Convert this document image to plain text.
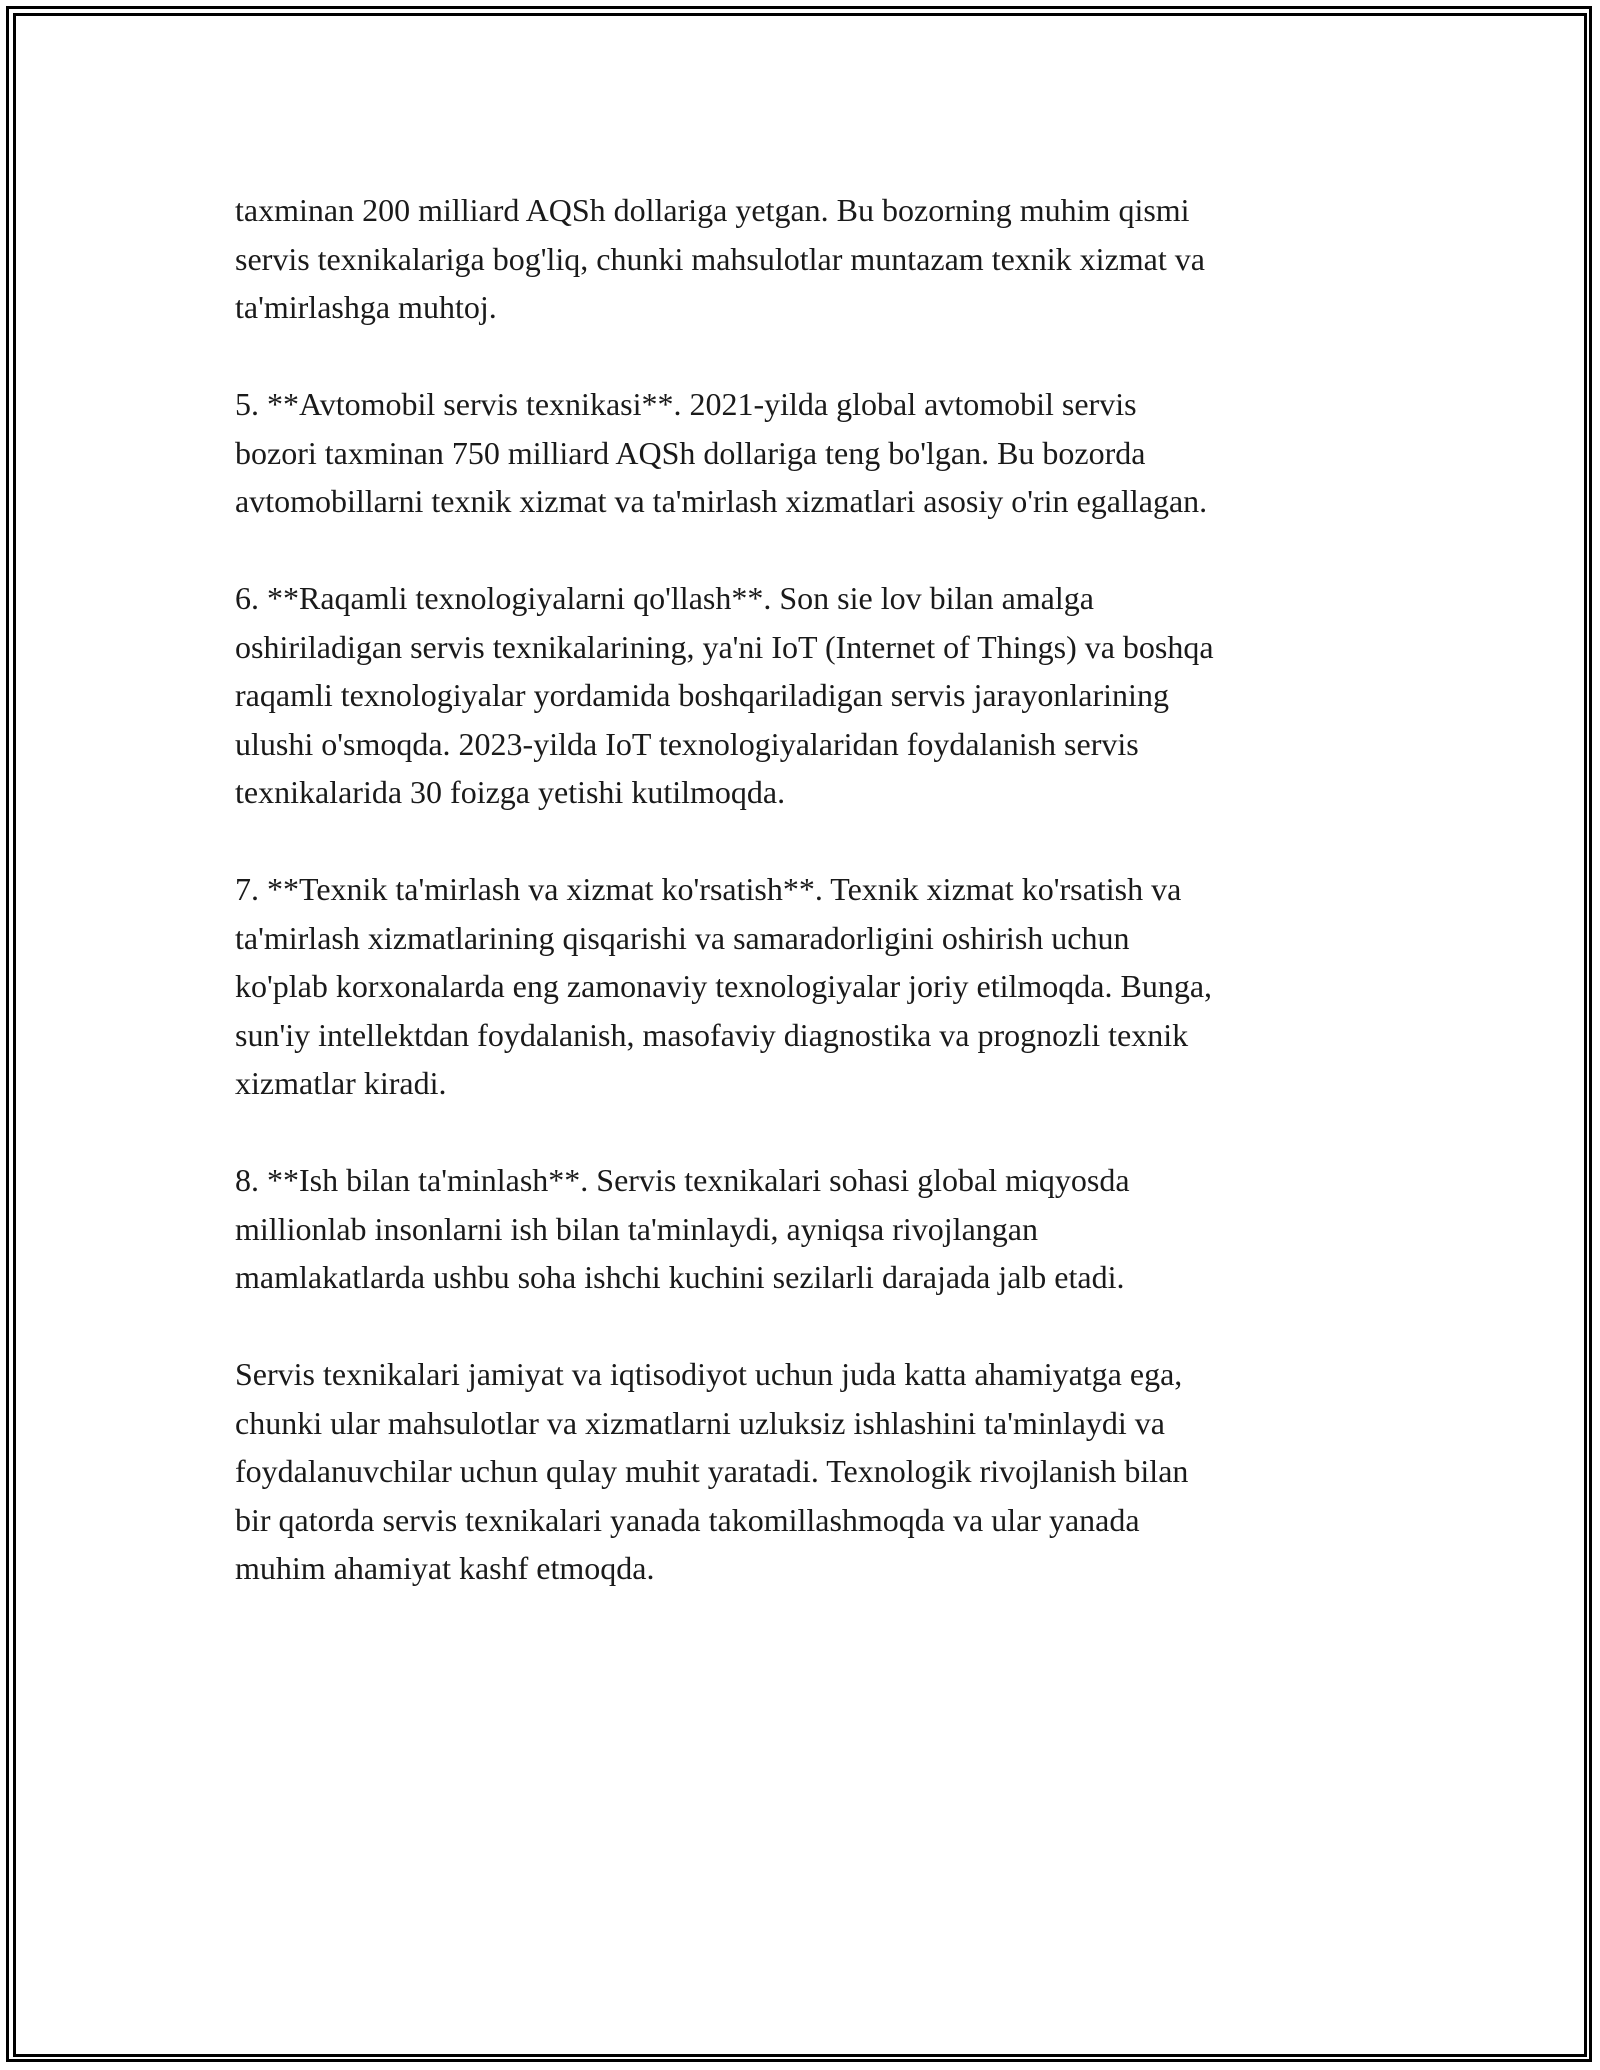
taxminan 200 milliard AQSh dollariga yetgan. Bu bozorning muhim qismi
servis texnikalariga bog'liq, chunki mahsulotlar muntazam texnik xizmat va
ta'mirlashga muhtoj.

5. **Avtomobil servis texnikasi**. 2021-yilda global avtomobil servis
bozori taxminan 750 milliard AQSh dollariga teng bo'lgan. Bu bozorda
avtomobillarni texnik xizmat va ta'mirlash xizmatlari asosiy o'rin egallagan.

6. **Raqamli texnologiyalarni qo'llash**. Son sie lov bilan amalga
oshiriladigan servis texnikalarining, ya'ni IoT (Internet of Things) va boshqa
raqamli texnologiyalar yordamida boshqariladigan servis jarayonlarining
ulushi o'smoqda. 2023-yilda IoT texnologiyalaridan foydalanish servis
texnikalarida 30 foizga yetishi kutilmoqda.

7. **Texnik ta'mirlash va xizmat ko'rsatish**. Texnik xizmat ko'rsatish va
ta'mirlash xizmatlarining qisqarishi va samaradorligini oshirish uchun
ko'plab korxonalarda eng zamonaviy texnologiyalar joriy etilmoqda. Bunga,
sun'iy intellektdan foydalanish, masofaviy diagnostika va prognozli texnik
xizmatlar kiradi.

8. **Ish bilan ta'minlash**. Servis texnikalari sohasi global miqyosda
millionlab insonlarni ish bilan ta'minlaydi, ayniqsa rivojlangan
mamlakatlarda ushbu soha ishchi kuchini sezilarli darajada jalb etadi.

Servis texnikalari jamiyat va iqtisodiyot uchun juda katta ahamiyatga ega,
chunki ular mahsulotlar va xizmatlarni uzluksiz ishlashini ta'minlaydi va
foydalanuvchilar uchun qulay muhit yaratadi. Texnologik rivojlanish bilan
bir qatorda servis texnikalari yanada takomillashmoqda va ular yanada
muhim ahamiyat kashf etmoqda.
